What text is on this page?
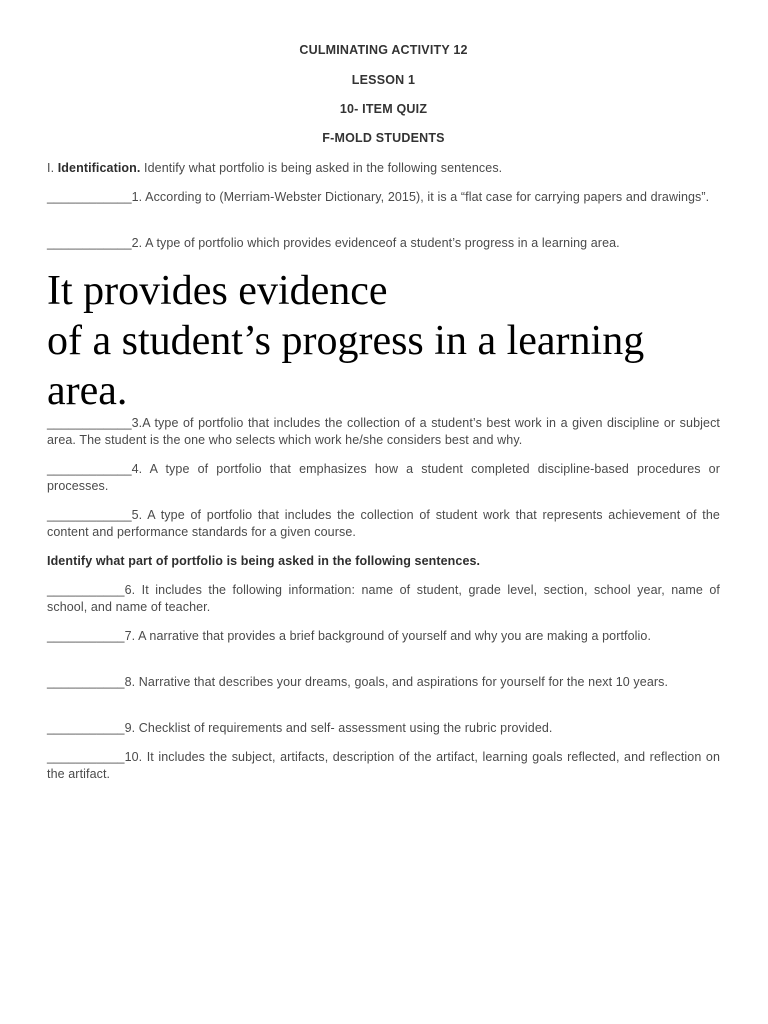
CULMINATING ACTIVITY 12

LESSON 1

10- ITEM QUIZ

F-MOLD STUDENTS

I. Identification. Identify what portfolio is being asked in the following sentences.

____________1. According to (Merriam-Webster Dictionary, 2015), it is a “flat case for carrying papers and drawings”.

____________2. A type of portfolio which provides evidenceof a student’s progress in a learning area.

It provides evidence
of a student’s progress in a learning
area.

____________3.A type of portfolio that includes the collection of a student’s best work in a given discipline or subject area. The student is the one who selects which work he/she considers best and why.

____________4. A type of portfolio that emphasizes how a student completed discipline-based procedures or processes.

____________5. A type of portfolio that includes the collection of student work that represents achievement of the content and performance standards for a given course.

Identify what part of portfolio is being asked in the following sentences.

___________6. It includes the following information: name of student, grade level, section, school year, name of school, and name of teacher.

___________7. A narrative that provides a brief background of yourself and why you are making a portfolio.

___________8. Narrative that describes your dreams, goals, and aspirations for yourself for the next 10 years.

___________9. Checklist of requirements and self- assessment using the rubric provided.

___________10. It includes the subject, artifacts, description of the artifact, learning goals reflected, and reflection on the artifact.
